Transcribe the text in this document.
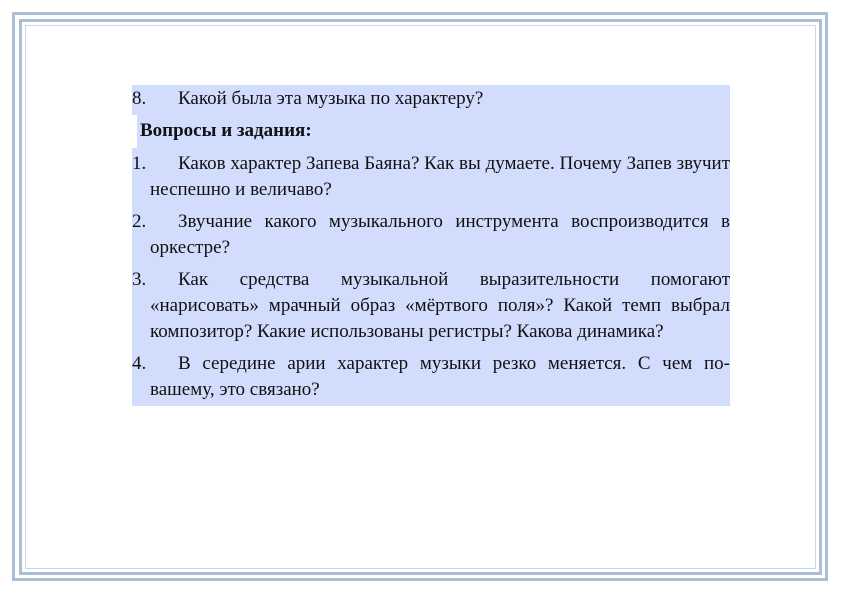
8. Какой была эта музыка по характеру?
Вопросы и задания:
1. Каков характер Запева Баяна? Как вы думаете. Почему Запев звучит неспешно и величаво?
2. Звучание какого музыкального инструмента воспроизводится в оркестре?
3. Как средства музыкальной выразительности помогают «нарисовать» мрачный образ «мёртвого поля»? Какой темп выбрал композитор? Какие использованы регистры? Какова динамика?
4. В середине арии характер музыки резко меняется. С чем по-вашему, это связано?
